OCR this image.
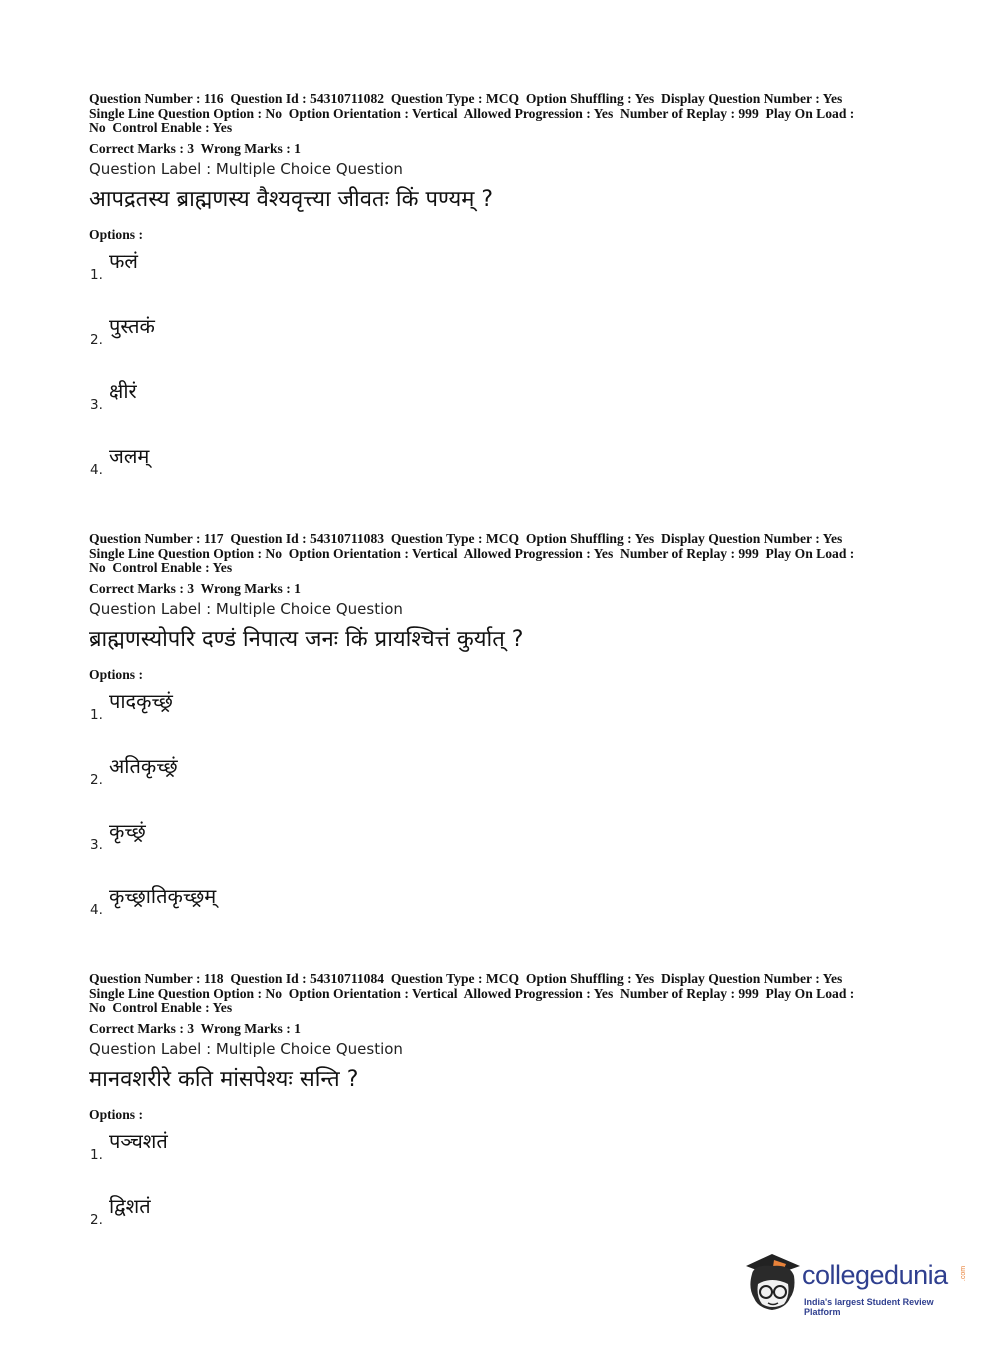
Question Number : 116  Question Id : 54310711082  Question Type : MCQ  Option Shuffling : Yes  Display Question Number : Yes
Single Line Question Option : No  Option Orientation : Vertical  Allowed Progression : Yes  Number of Replay : 999  Play On Load :
No  Control Enable : Yes
Correct Marks : 3  Wrong Marks : 1
Question Label : Multiple Choice Question
आपद्रतस्य ब्राह्मणस्य वैश्यवृत्त्या जीवतः किं पण्यम् ?
Options :
1.
फलं
2.
पुस्तकं
3.
क्षीरं
4.
जलम्
Question Number : 117  Question Id : 54310711083  Question Type : MCQ  Option Shuffling : Yes  Display Question Number : Yes
Single Line Question Option : No  Option Orientation : Vertical  Allowed Progression : Yes  Number of Replay : 999  Play On Load :
No  Control Enable : Yes
Correct Marks : 3  Wrong Marks : 1
Question Label : Multiple Choice Question
ब्राह्मणस्योपरि दण्डं निपात्य जनः किं प्रायश्चित्तं कुर्यात् ?
Options :
1.
पादकृच्छ्रं
2.
अतिकृच्छ्रं
3.
कृच्छ्रं
4.
कृच्छ्रातिकृच्छ्रम्
Question Number : 118  Question Id : 54310711084  Question Type : MCQ  Option Shuffling : Yes  Display Question Number : Yes
Single Line Question Option : No  Option Orientation : Vertical  Allowed Progression : Yes  Number of Replay : 999  Play On Load :
No  Control Enable : Yes
Correct Marks : 3  Wrong Marks : 1
Question Label : Multiple Choice Question
मानवशरीरे कति मांसपेश्यः सन्ति ?
Options :
1.
पञ्चशतं
2.
द्विशतं
collegedunia .com
India's largest Student Review Platform
